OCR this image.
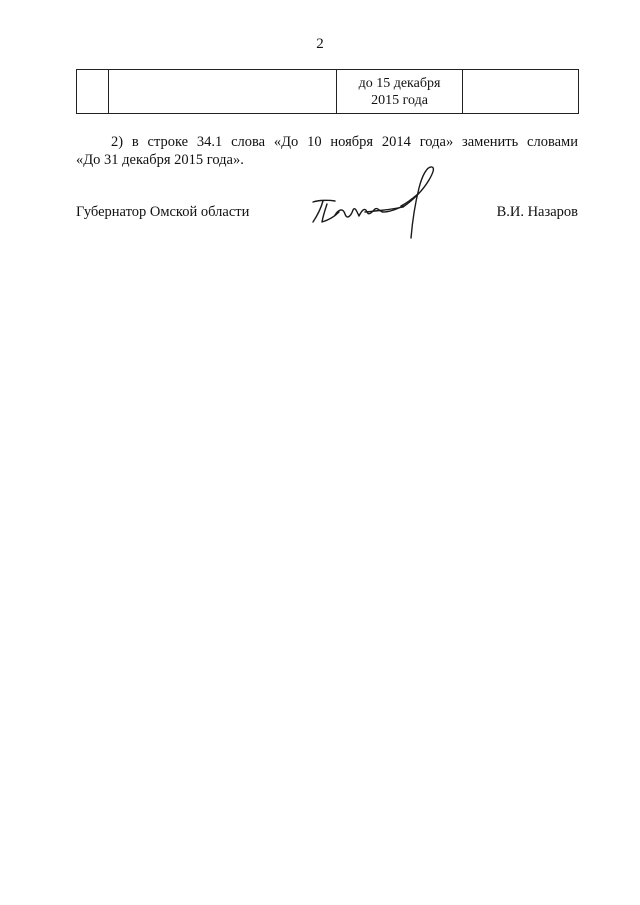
2

до 15 декабря
2015 года

2) в строке 34.1 слова «До 10 ноября 2014 года» заменить словами
«До 31 декабря 2015 года».
Губернатор Омской области	В.И. Назаров
